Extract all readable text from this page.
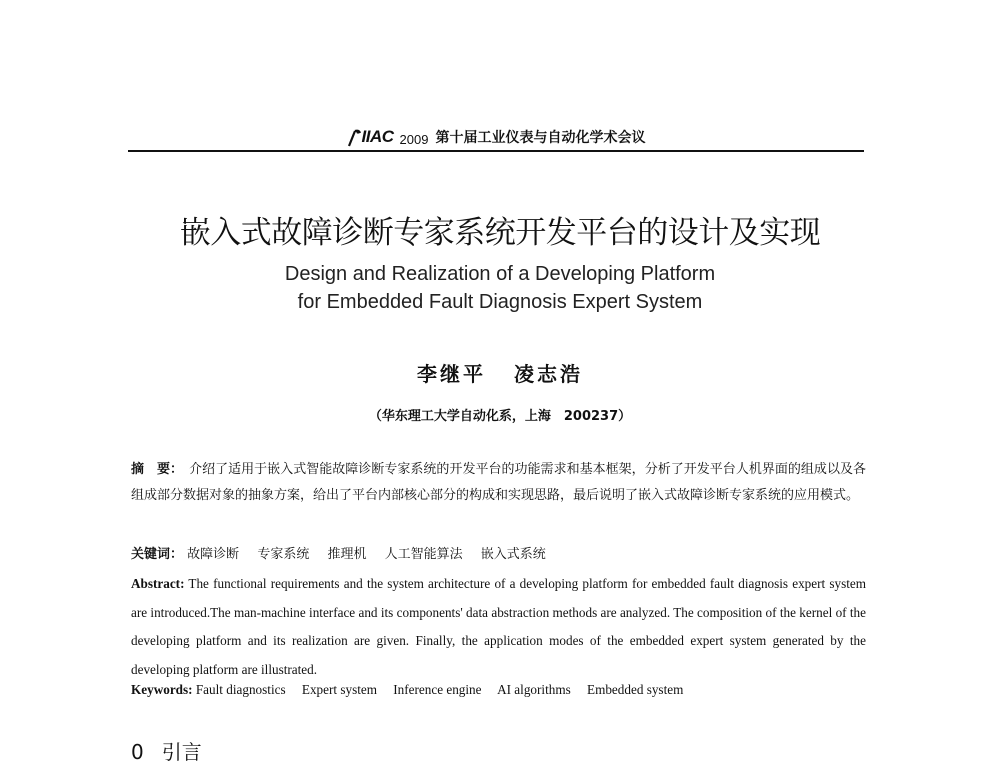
IIAC 2009 第十届工业仪表与自动化学术会议
嵌入式故障诊断专家系统开发平台的设计及实现
Design and Realization of a Developing Platform
for Embedded Fault Diagnosis Expert System
李继平 凌志浩
（华东理工大学自动化系，上海　200237）
摘　要： 介绍了适用于嵌入式智能故障诊断专家系统的开发平台的功能需求和基本框架，分析了开发平台人机界面的组成以及各组成部分数据对象的抽象方案，给出了平台内部核心部分的构成和实现思路，最后说明了嵌入式故障诊断专家系统的应用模式。
关键词： 故障诊断 专家系统 推理机 人工智能算法 嵌入式系统
Abstract: The functional requirements and the system architecture of a developing platform for embedded fault diagnosis expert system are introduced.The man-machine interface and its components' data abstraction methods are analyzed. The composition of the kernel of the developing platform and its realization are given. Finally, the application modes of the embedded expert system generated by the developing platform are illustrated.
Keywords: Fault diagnostics Expert system Inference engine AI algorithms Embedded system
0 引言
